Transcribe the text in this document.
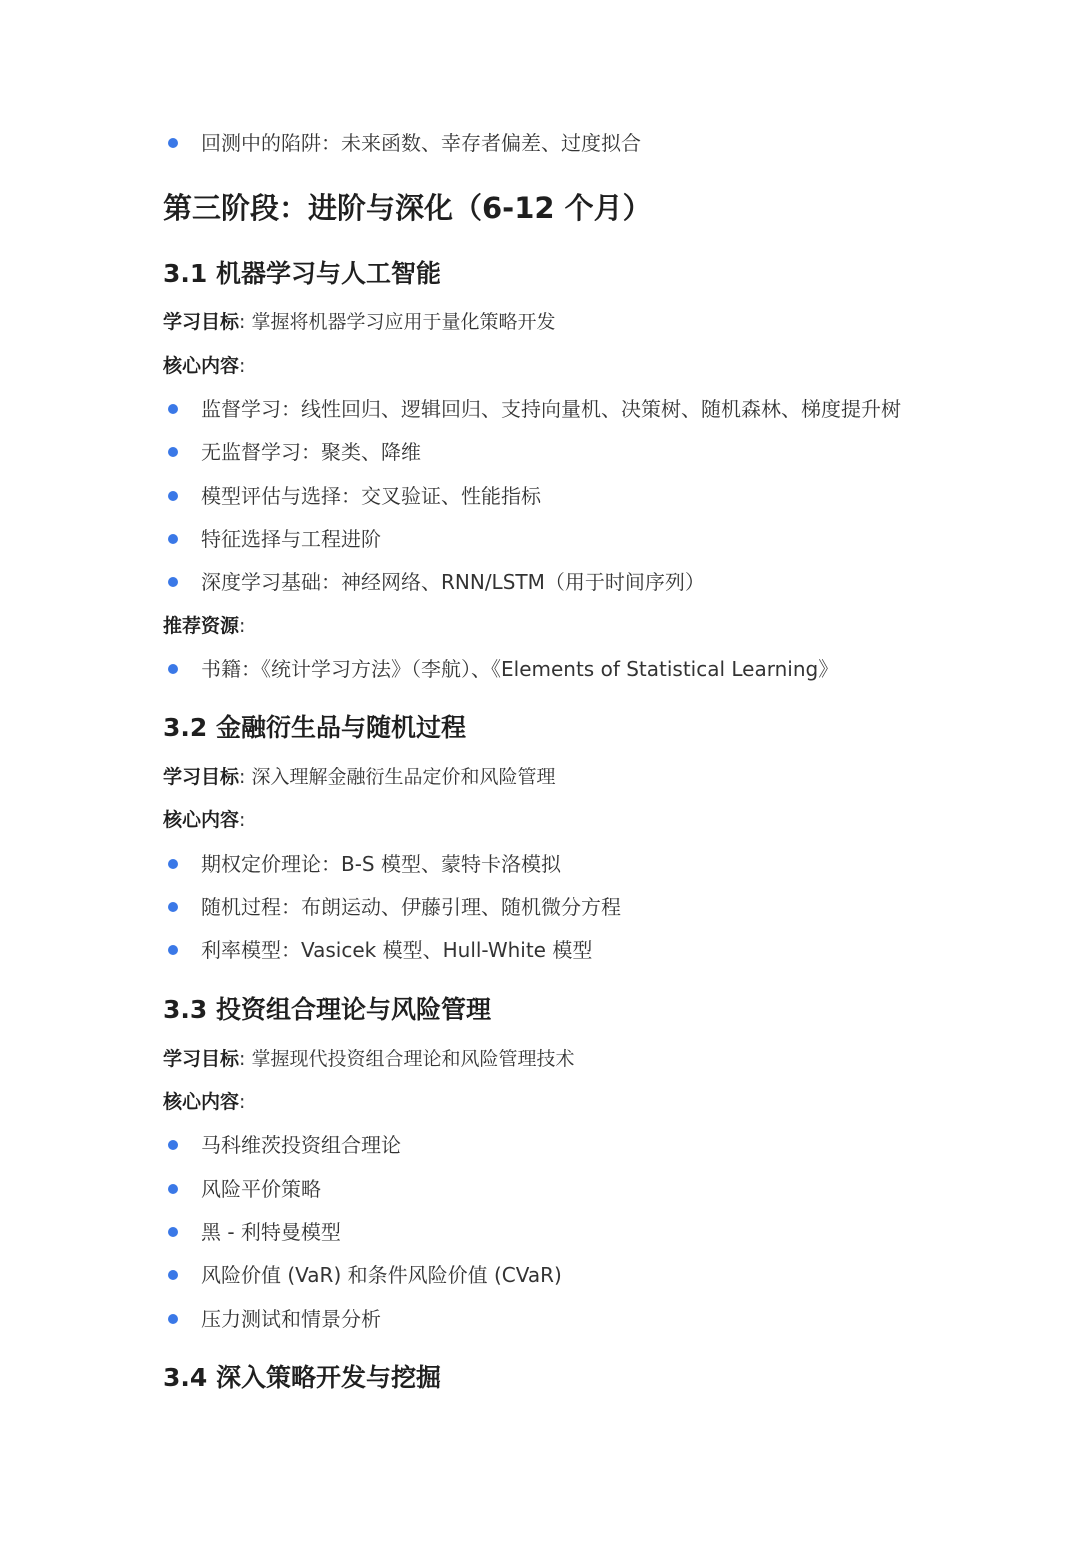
回测中的陷阱：未来函数、幸存者偏差、过度拟合
第三阶段：进阶与深化（6-12 个月）
3.1 机器学习与人工智能
学习目标: 掌握将机器学习应用于量化策略开发
核心内容:
监督学习：线性回归、逻辑回归、支持向量机、决策树、随机森林、梯度提升树
无监督学习：聚类、降维
模型评估与选择：交叉验证、性能指标
特征选择与工程进阶
深度学习基础：神经网络、RNN/LSTM（用于时间序列）
推荐资源:
书籍：《统计学习方法》（李航）、《Elements of Statistical Learning》
3.2 金融衍生品与随机过程
学习目标: 深入理解金融衍生品定价和风险管理
核心内容:
期权定价理论：B-S 模型、蒙特卡洛模拟
随机过程：布朗运动、伊藤引理、随机微分方程
利率模型：Vasicek 模型、Hull-White 模型
3.3 投资组合理论与风险管理
学习目标: 掌握现代投资组合理论和风险管理技术
核心内容:
马科维茨投资组合理论
风险平价策略
黑 - 利特曼模型
风险价值 (VaR) 和条件风险价值 (CVaR)
压力测试和情景分析
3.4 深入策略开发与挖掘
